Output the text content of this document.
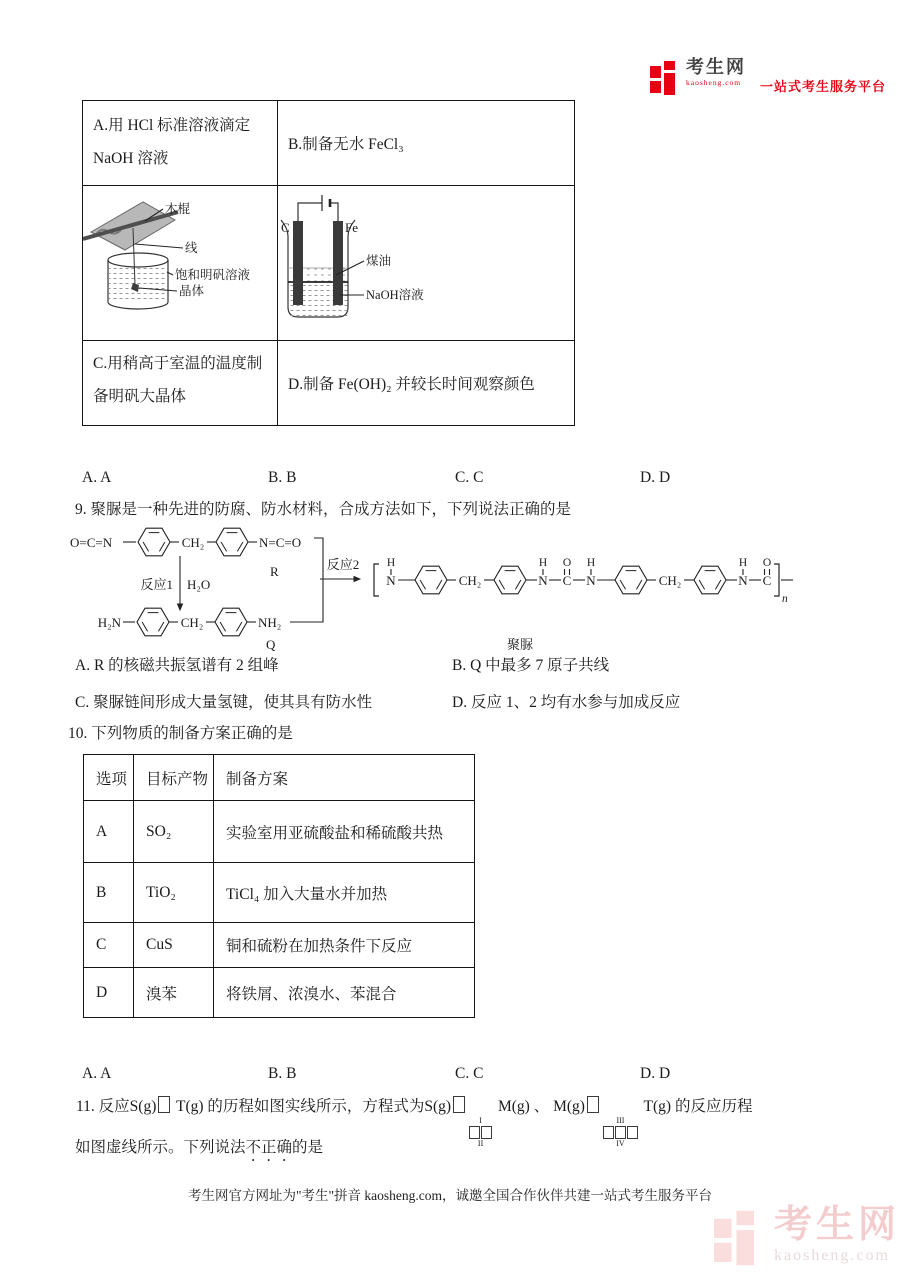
考生网
kaosheng.com	一站式考生服务平台
A.用 HCl 标准溶液滴定
NaOH 溶液
B.制备无水 FeCl₃
木棍
线
饱和明矾溶液
晶体
C	Fe
煤油
NaOH溶液
C.用稍高于室温的温度制
备明矾大晶体
D.制备 Fe(OH)₂ 并较长时间观察颜色
A. A	B. B	C. C	D. D
9. 聚脲是一种先进的防腐、防水材料，合成方法如下，下列说法正确的是
O=C=N	CH₂	N=C=O
R
反应1 H₂O
H₂N	CH₂	NH₂
Q
反应2 H
N	CH₂
H
N
O
C
H
N	CH₂
H
N
O
C
n
聚脲
A. R 的核磁共振氢谱有 2 组峰	B. Q 中最多 7 原子共线
C. 聚脲链间形成大量氢键，使其具有防水性	D. 反应 1、2 均有水参与加成反应
10. 下列物质的制备方案正确的是
选项	目标产物	制备方案
A	SO₂	实验室用亚硫酸盐和稀硫酸共热
B	TiO₂	TiCl₄ 加入大量水并加热
C	CuS	铜和硫粉在加热条件下反应
D	溴苯	将铁屑、浓溴水、苯混合
A. A	B. B	C. C	D. D
11. 反应S(g) T(g) 的历程如图实线所示，方程式为S(g)
I
II
M(g) 、 M(g)
III
IV
T(g) 的反应历程
如图虚线所示。下列说法不正确的是
考生网官方网址为"考生"拼音 kaosheng.com，诚邀全国合作伙伴共建一站式考生服务平台
考生网
kaosheng.com
